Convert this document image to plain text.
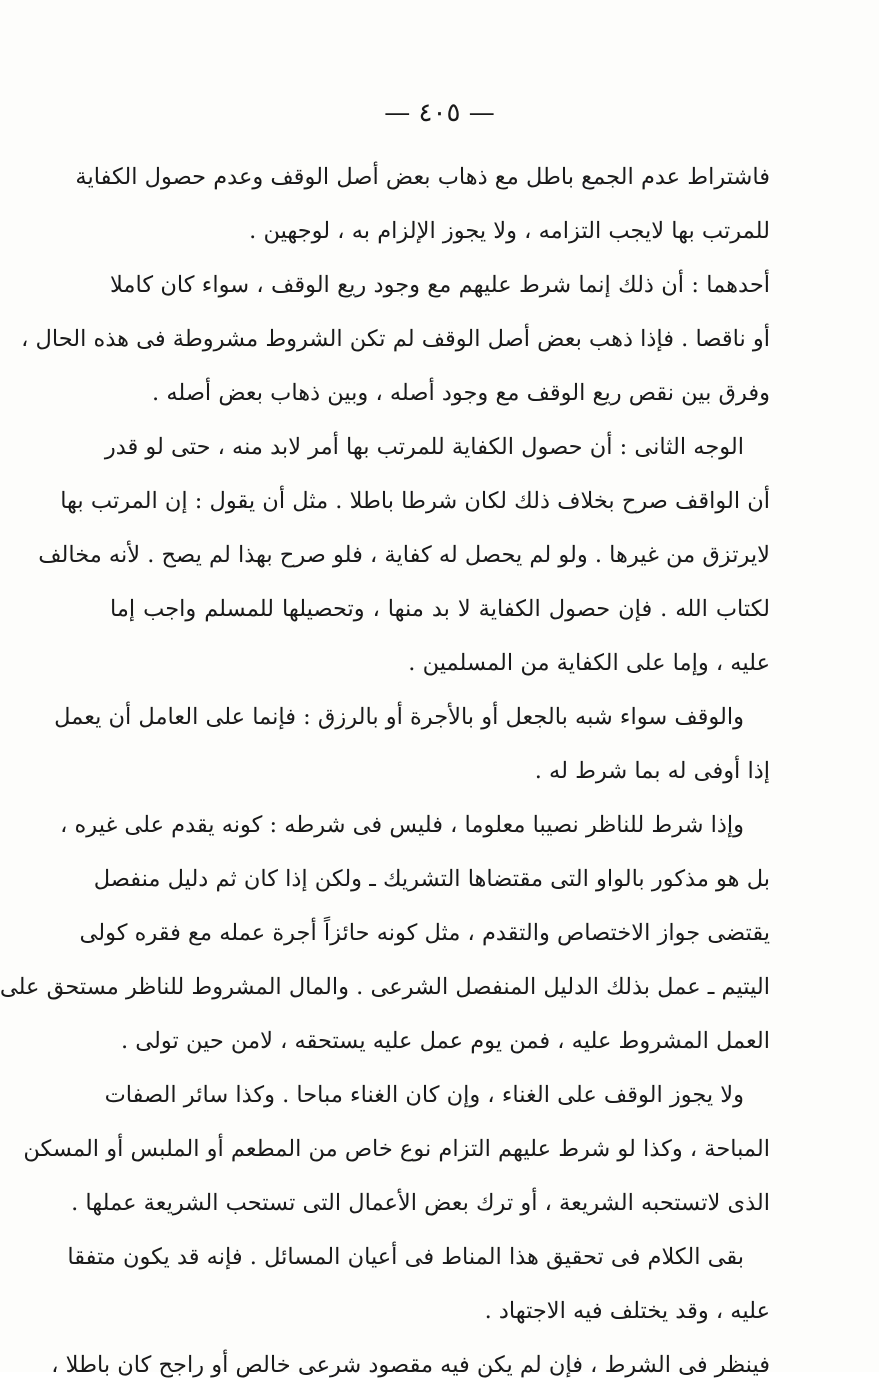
— ٤٠٥ —
فاشتراط عدم الجمع باطل مع ذهاب بعض أصل الوقف وعدم حصول الكفاية
للمرتب بها لايجب التزامه ، ولا يجوز الإلزام به ، لوجهين .
أحدهما : أن ذلك إنما شرط عليهم مع وجود ريع الوقف ، سواء كان كاملا
أو ناقصا . فإذا ذهب بعض أصل الوقف لم تكن الشروط مشروطة فى هذه الحال ،
وفرق بين نقص ريع الوقف مع وجود أصله ، وبين ذهاب بعض أصله .
الوجه الثانى : أن حصول الكفاية للمرتب بها أمر لابد منه ، حتى لو قدر
أن الواقف صرح بخلاف ذلك لكان شرطا باطلا . مثل أن يقول : إن المرتب بها
لايرتزق من غيرها . ولو لم يحصل له كفاية ، فلو صرح بهذا لم يصح . لأنه مخالف
لكتاب الله . فإن حصول الكفاية لا بد منها ، وتحصيلها للمسلم واجب إما
عليه ، وإما على الكفاية من المسلمين .
والوقف سواء شبه بالجعل أو بالأجرة أو بالرزق : فإنما على العامل أن يعمل
إذا أوفى له بما شرط له .
وإذا شرط للناظر نصيبا معلوما ، فليس فى شرطه : كونه يقدم على غيره ،
بل هو مذكور بالواو التى مقتضاها التشريك ـ ولكن إذا كان ثم دليل منفصل
يقتضى جواز الاختصاص والتقدم ، مثل كونه حائزاً أجرة عمله مع فقره كولى
اليتيم ـ عمل بذلك الدليل المنفصل الشرعى . والمال المشروط للناظر مستحق على
العمل المشروط عليه ، فمن يوم عمل عليه يستحقه ، لامن حين تولى .
ولا يجوز الوقف على الغناء ، وإن كان الغناء مباحا . وكذا سائر الصفات
المباحة ، وكذا لو شرط عليهم التزام نوع خاص من المطعم أو الملبس أو المسكن
الذى لاتستحبه الشريعة ، أو ترك بعض الأعمال التى تستحب الشريعة عملها .
بقى الكلام فى تحقيق هذا المناط فى أعيان المسائل . فإنه قد يكون متفقا
عليه ، وقد يختلف فيه الاجتهاد .
فينظر فى الشرط ، فإن لم يكن فيه مقصود شرعى خالص أو راجح كان باطلا ،
